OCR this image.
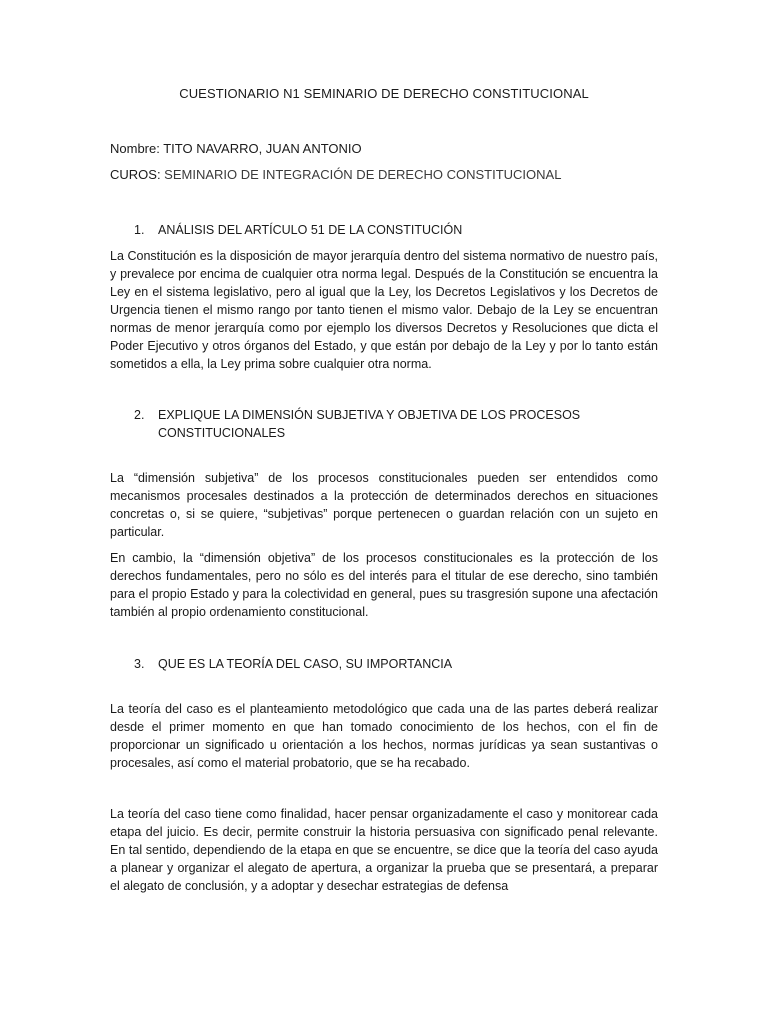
CUESTIONARIO N1 SEMINARIO DE DERECHO CONSTITUCIONAL
Nombre: TITO NAVARRO, JUAN ANTONIO
CUROS: SEMINARIO DE INTEGRACIÓN DE DERECHO CONSTITUCIONAL
1. ANÁLISIS DEL ARTÍCULO 51 DE LA CONSTITUCIÓN
La Constitución es la disposición de mayor jerarquía dentro del sistema normativo de nuestro país, y prevalece por encima de cualquier otra norma legal. Después de la Constitución se encuentra la Ley en el sistema legislativo, pero al igual que la Ley, los Decretos Legislativos y los Decretos de Urgencia tienen el mismo rango por tanto tienen el mismo valor. Debajo de la Ley se encuentran normas de menor jerarquía como por ejemplo los diversos Decretos y Resoluciones que dicta el Poder Ejecutivo y otros órganos del Estado, y que están por debajo de la Ley y por lo tanto están sometidos a ella, la Ley prima sobre cualquier otra norma.
2. EXPLIQUE LA DIMENSIÓN SUBJETIVA Y OBJETIVA DE LOS PROCESOS
CONSTITUCIONALES
La “dimensión subjetiva” de los procesos constitucionales pueden ser entendidos como mecanismos procesales destinados a la protección de determinados derechos en situaciones concretas o, si se quiere, “subjetivas” porque pertenecen o guardan relación con un sujeto en particular.
En cambio, la “dimensión objetiva” de los procesos constitucionales es la protección de los derechos fundamentales, pero no sólo es del interés para el titular de ese derecho, sino también para el propio Estado y para la colectividad en general, pues su trasgresión supone una afectación también al propio ordenamiento constitucional.
3. QUE ES LA TEORÍA DEL CASO, SU IMPORTANCIA
La teoría del caso es el planteamiento metodológico que cada una de las partes deberá realizar desde el primer momento en que han tomado conocimiento de los hechos, con el fin de proporcionar un significado u orientación a los hechos, normas jurídicas ya sean sustantivas o procesales, así como el material probatorio, que se ha recabado.
La teoría del caso tiene como finalidad, hacer pensar organizadamente el caso y monitorear cada etapa del juicio. Es decir, permite construir la historia persuasiva con significado penal relevante. En tal sentido, dependiendo de la etapa en que se encuentre, se dice que la teoría del caso ayuda a planear y organizar el alegato de apertura, a organizar la prueba que se presentará, a preparar el alegato de conclusión, y a adoptar y desechar estrategias de defensa
